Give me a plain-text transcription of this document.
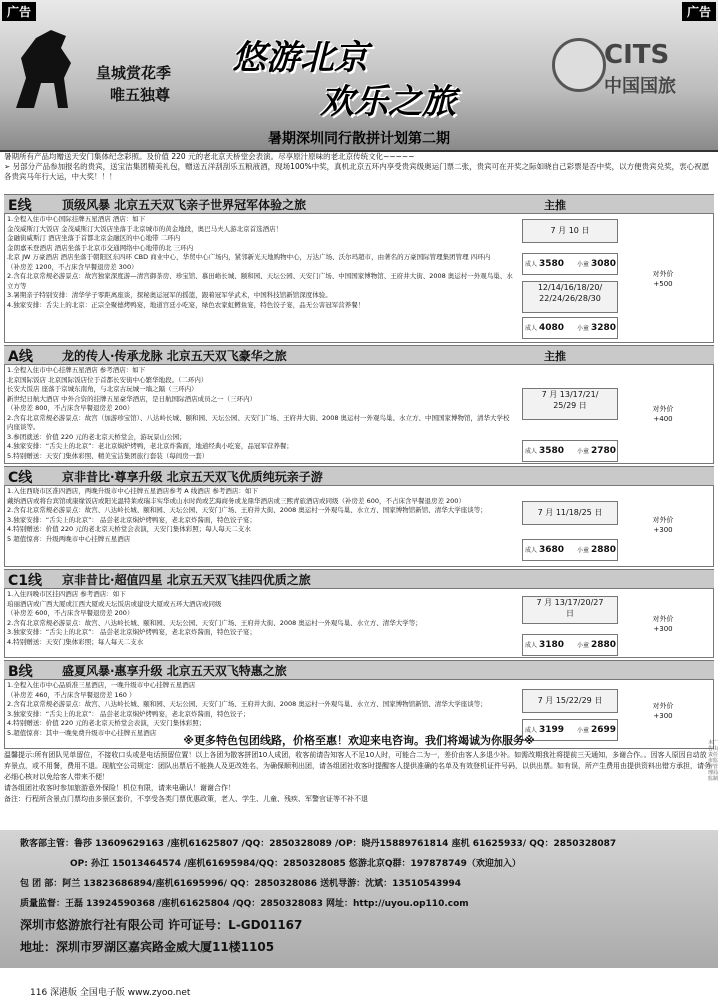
广告	广告
皇城赏花季
唯五独尊
悠游北京
欢乐之旅
CITS
中国国旅
暑期深圳同行散拼计划第二期
暑期所有产品均赠送天安门集体纪念彩照。及价值 220 元的老北京天桥堂会表演。尽享原汁原味的老北京传统文化~~~~~
➢ 另部分产品参加报名的贵宾，送宝洁集团精美礼包，赠送五洋刮刮乐五粮液酒，现场100%中奖，真机北京五环内享受贵宾级奥运门票二张，贵宾可在开奖之际如晓自己彩票是否中奖，以方便贵宾兑奖，衷心祝愿各贵宾马年行大运，中大奖！！！
E线	顶级风暴 北京五天双飞亲子世界冠军体验之旅	主推
1.全程入住市中心国际挂牌五星酒店 酒店：如下
金茂威斯汀大饭店 金茂威斯汀大饭店坐落于北京城市的黄金地段，奥巴马夫人游北京首选酒店！
金融街威斯汀 酒店坐落于首都北京金融区的中心地带 二环内
金朗嘉禾登酒店 酒店坐落于北京市交通网络中心地带的北 三环内
北京 JW 万豪酒店 酒店坐落于朝阳区东四环 CBD 商业中心，华贸中心广场内，紧邻新光天地购物中心，万达广场、沃尔玛超市，由著名的万豪国际管理集团管理 四环内
（补房差 1200，不占床含早餐退房差 300）
2.含有北京常规必游景点：故宫独家深度游—清宫御茶房、珍宝馆、慕田峪长城、颐和园、天坛公园、天安门广场、中国国家博物馆、王府井大街、2008 奥运村一外观鸟巢、水立方等
3.暑期亲子特别安排：清华学子零距离座谈，探秘奥运冠军的摇篮，跟着冠军学武术，中国科技馆新馆深度体验。
4.独家安排：舌尖上的北京：正宗全聚德烤鸭宴，地道宫廷小吃宴，绿色农家虹鳟鱼宴，特色饺子宴，品无公害冠军营养餐！
7 月 10 日
成人 3580 小童 3080
12/14/16/18/20/
22/24/26/28/30
成人 4080 小童 3280
对外价
+500
A线 龙的传人·传承龙脉 北京五天双飞豪华之旅	主推
1.全程入住市中心挂牌五星酒店 参考酒店：如下
北京国际饭店 北京国际饭店位于首都长安街中心繁华地段。（二环内）
长安大饭店 座落于京城东南角，与北京古玩城一墙之隔（三环内）
新世纪日航大酒店 中外合资的挂牌五星豪华酒店，是日航国际酒店成员之一（三环内）
（补房差 800，不占床含早餐退房差 200）
2.含有北京常规必游景点：故宫（加游珍宝馆）、八达岭长城、颐和园、天坛公园、天安门广场、王府井大街、2008 奥运村一外观鸟巢、水立方、中国国家博物馆，清华大学校内座谈等。
3.参团就送：价值 220 元的老北京天桥堂会，游玩景山公园；
4.独家安排：“舌尖上的北京”：老北京焖炉烤鸭，老北京炸酱面，地道经典小吃宴，品冠军营养餐；
5.特别赠送：天安门集体彩照、精美宝洁集团旅行套装（每间房一套）
7 月 13/17/21/
25/29 日
成人 3580 小童 2780
对外价
+400
C线 京非昔比·尊享升级 北京五天双飞优质纯玩亲子游
1.入住西晓市区准四酒店，两晚升级市中心挂牌五星酒店参考 A 线酒店 参考酒店：如下
戴纳酒店或将台宾馆或康缘饭店或阳光温特莱或瑞丰实华或山水时尚或艺海商务或龙鼎华酒店或三熙青旅酒店或同级（补房差 600，不占床含早餐退房差 200）
2.含有北京常规必游景点：故宫、八达岭长城、颐和园、天坛公园、天安门广场、王府井大街、2008 奥运村一外观鸟巢、水立方、国家博物馆新馆、清华大学座谈等；
3.独家安排：“舌尖上的北京”： 品尝老北京焖炉烤鸭宴，老北京炸酱面，特色饺子宴；
4.特别赠送：价值 220 元的老北京天桥堂会表演，天安门集体彩照；每人每天二支水
5 超值惊喜：升级两晚市中心挂牌五星酒店
7 月 11/18/25 日
成人 3680 小童 2880
对外价
+300
C1线 京非昔比·超值四星 北京五天双飞挂四优质之旅
1.入住四晚市区挂四酒店 参考酒店：如下
珀丽酒店或广西大厦或江西大厦或天坛饭店或建设大厦或五环大酒店或同级
（补房差 600，不占床含早餐退房差 200）
2.含有北京常规必游景点：故宫、八达岭长城、颐和园、天坛公园、天安门广场、王府井大街、2008 奥运村一外观鸟巢、水立方、清华大学等；
3.独家安排：“舌尖上的北京”： 品尝老北京焖炉烤鸭宴，老北京炸酱面，特色饺子宴；
4.特别赠送：天安门集体彩照；每人每天二支水
7 月 13/17/20/27
日
成人 3180 小童 2880
对外价
+300
B线 盛夏风暴·惠享升级 北京五天双飞特惠之旅
1.全程入住市中心品质准三星酒店，一晚升级市中心挂牌五星酒店
（补房差 460，不占床含早餐退房差 160 ）
2.含有北京常规必游景点：故宫、八达岭长城、颐和园、天坛公园、天安门广场、王府井大街、2008 奥运村一外观鸟巢、水立方、国家博物馆新馆、清华大学座谈等；
3.独家安排：“舌尖上的北京”： 品尝老北京焖炉烤鸭宴，老北京炸酱面，特色饺子；
4.特别赠送：价值 220 元的老北京天桥堂会表演，天安门集体彩照；
5.超值惊喜：其中一晚免费升级市中心挂牌五星酒店
7 月 15/22/29 日
成人 3199 小童 2699
对外价
+300
※更多特色包团线路，价格至惠！欢迎来电咨询。我们将竭诚为你服务※
温馨提示:所有团队见单留位，不接收口头或是电话预留位置！以上各团为散客拼团10人成团，收客前请告知客人不足10人时，可能合二为一，差价由客人多退少补。如需改期我社将提前三天通知，多谢合作。。因客人原因自动放弃景点，或不用餐，费用不退。现航空公司规定：团队出票后不能换人及更改姓名，为确保顺利出团，请各组团社收客时提醒客人提供准确的名单及有效登机证件号码，以供出票。如有误，所产生费用由提供资料出错方承担，请务必细心核对以免给客人带来不便！
请各组团社收客时参加旅游意外保险！机位有限，请来电确认！谢谢合作！
备注：行程所含景点门票均由多景区套价，不享受各类门票优惠政策，老人、学生、儿童、残疾、军警官证等不补不退
本广告由责任市监督管理局监制
散客部主管：鲁莎 13609629163 /座机61625807 /QQ：2850328089 /OP：晓丹15889761814 座机 61625933/ QQ：2850328087
OP: 孙江 15013464574 /座机61695984/QQ：2850328085 悠游北京Q群：197878749（欢迎加入）
包 团 部：阿兰 13823686894/座机61695996/ QQ：2850328086 送机导游：沈斌：13510543994
质量监督：王磊 13924590368 /座机61625804 /QQ：2850328083 网址：http://uyou.op110.com
深圳市悠游旅行社有限公司 许可证号：L-GD01167
地址：深圳市罗湖区嘉宾路金威大厦11楼1105
116 深港版 全国电子版 www.zyoo.net
